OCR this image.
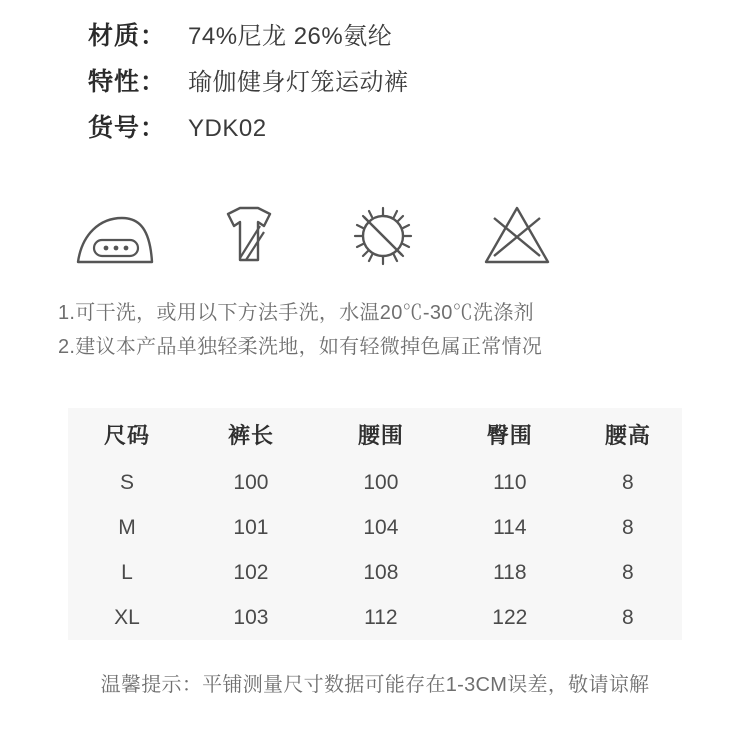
材质： 74%尼龙 26%氨纶
特性： 瑜伽健身灯笼运动裤
货号： YDK02
1.可干洗，或用以下方法手洗，水温20℃-30℃洗涤剂
2.建议本产品单独轻柔洗地，如有轻微掉色属正常情况
尺码	裤长	腰围	臀围	腰高
S	100	100	110	8
M	101	104	114	8
L	102	108	118	8
XL	103	112	122	8
温馨提示：平铺测量尺寸数据可能存在1-3CM误差，敬请谅解
